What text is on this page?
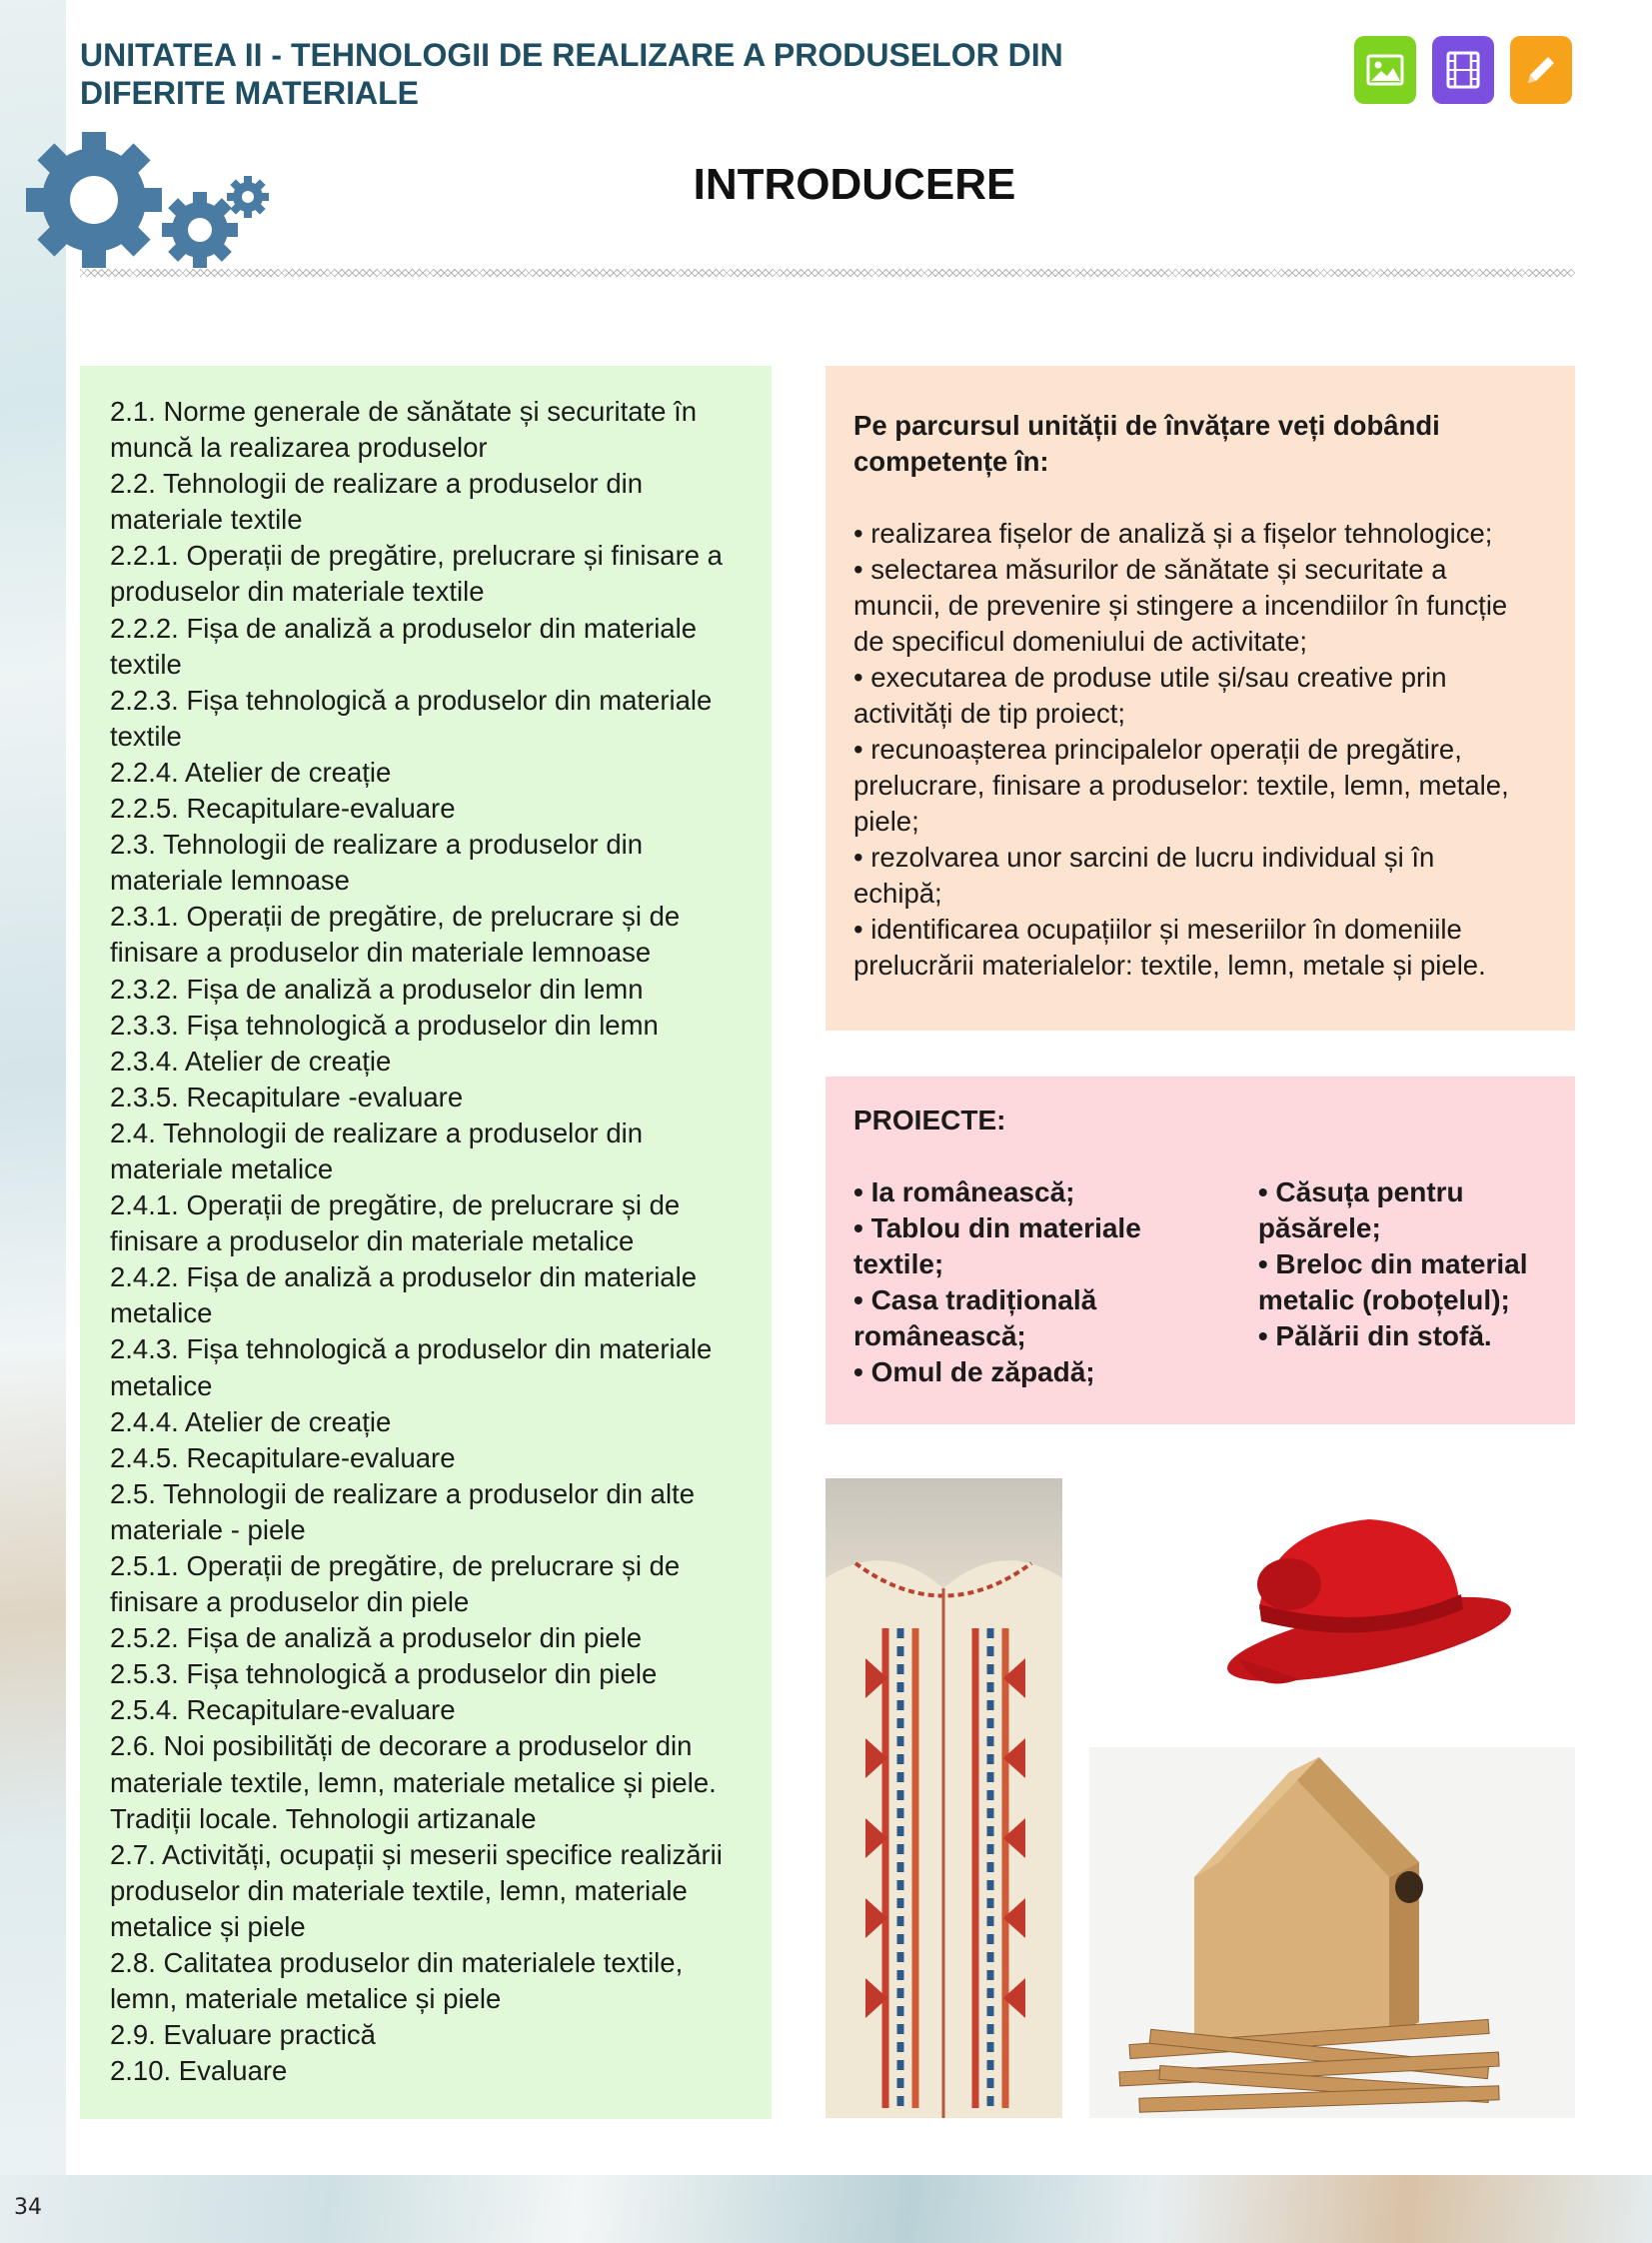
34
UNITATEA II - TEHNOLOGII DE REALIZARE A PRODUSELOR DIN DIFERITE MATERIALE
INTRODUCERE
2.1. Norme generale de sănătate și securitate în
muncă la realizarea produselor
2.2. Tehnologii de realizare a produselor din
materiale textile
2.2.1. Operații de pregătire, prelucrare și finisare a
produselor din materiale textile
2.2.2. Fișa de analiză a produselor din materiale
textile
2.2.3. Fișa tehnologică a produselor din materiale
textile
2.2.4. Atelier de creație
2.2.5. Recapitulare-evaluare
2.3. Tehnologii de realizare a produselor din
materiale lemnoase
2.3.1. Operații de pregătire, de prelucrare și de
finisare a produselor din materiale lemnoase
2.3.2. Fișa de analiză a produselor din lemn
2.3.3. Fișa tehnologică a produselor din lemn
2.3.4. Atelier de creație
2.3.5. Recapitulare -evaluare
2.4. Tehnologii de realizare a produselor din
materiale metalice
2.4.1. Operații de pregătire, de prelucrare și de
finisare a produselor din materiale metalice
2.4.2. Fișa de analiză a produselor din materiale
metalice
2.4.3. Fișa tehnologică a produselor din materiale
metalice
2.4.4. Atelier de creație
2.4.5. Recapitulare-evaluare
2.5. Tehnologii de realizare a produselor din alte
materiale - piele
2.5.1. Operații de pregătire, de prelucrare și de
finisare a produselor din piele
2.5.2. Fișa de analiză a produselor din piele
2.5.3. Fișa tehnologică a produselor din piele
2.5.4. Recapitulare-evaluare
2.6. Noi posibilități de decorare a produselor din
materiale textile, lemn, materiale metalice și piele.
Tradiții locale. Tehnologii artizanale
2.7. Activități, ocupații și meserii specifice realizării
produselor din materiale textile, lemn, materiale
metalice și piele
2.8. Calitatea produselor din materialele textile,
lemn, materiale metalice și piele
2.9. Evaluare practică
2.10. Evaluare
Pe parcursul unității de învățare veți dobândi
competențe în:
• realizarea fișelor de analiză și a fișelor tehnologice;
• selectarea măsurilor de sănătate și securitate a
muncii, de prevenire și stingere a incendiilor în funcție
de specificul domeniului de activitate;
• executarea de produse utile și/sau creative prin
activități de tip proiect;
• recunoașterea principalelor operații de pregătire,
prelucrare, finisare a produselor: textile, lemn, metale,
piele;
• rezolvarea unor sarcini de lucru individual și în
echipă;
• identificarea ocupațiilor și meseriilor în domeniile
prelucrării materialelor: textile, lemn, metale și piele.
PROIECTE:
• Ia românească;
• Tablou din materiale
textile;
• Casa tradițională
românească;
• Omul de zăpadă;
• Căsuța pentru
păsărele;
• Breloc din material
metalic (roboțelul);
• Pălării din stofă.
